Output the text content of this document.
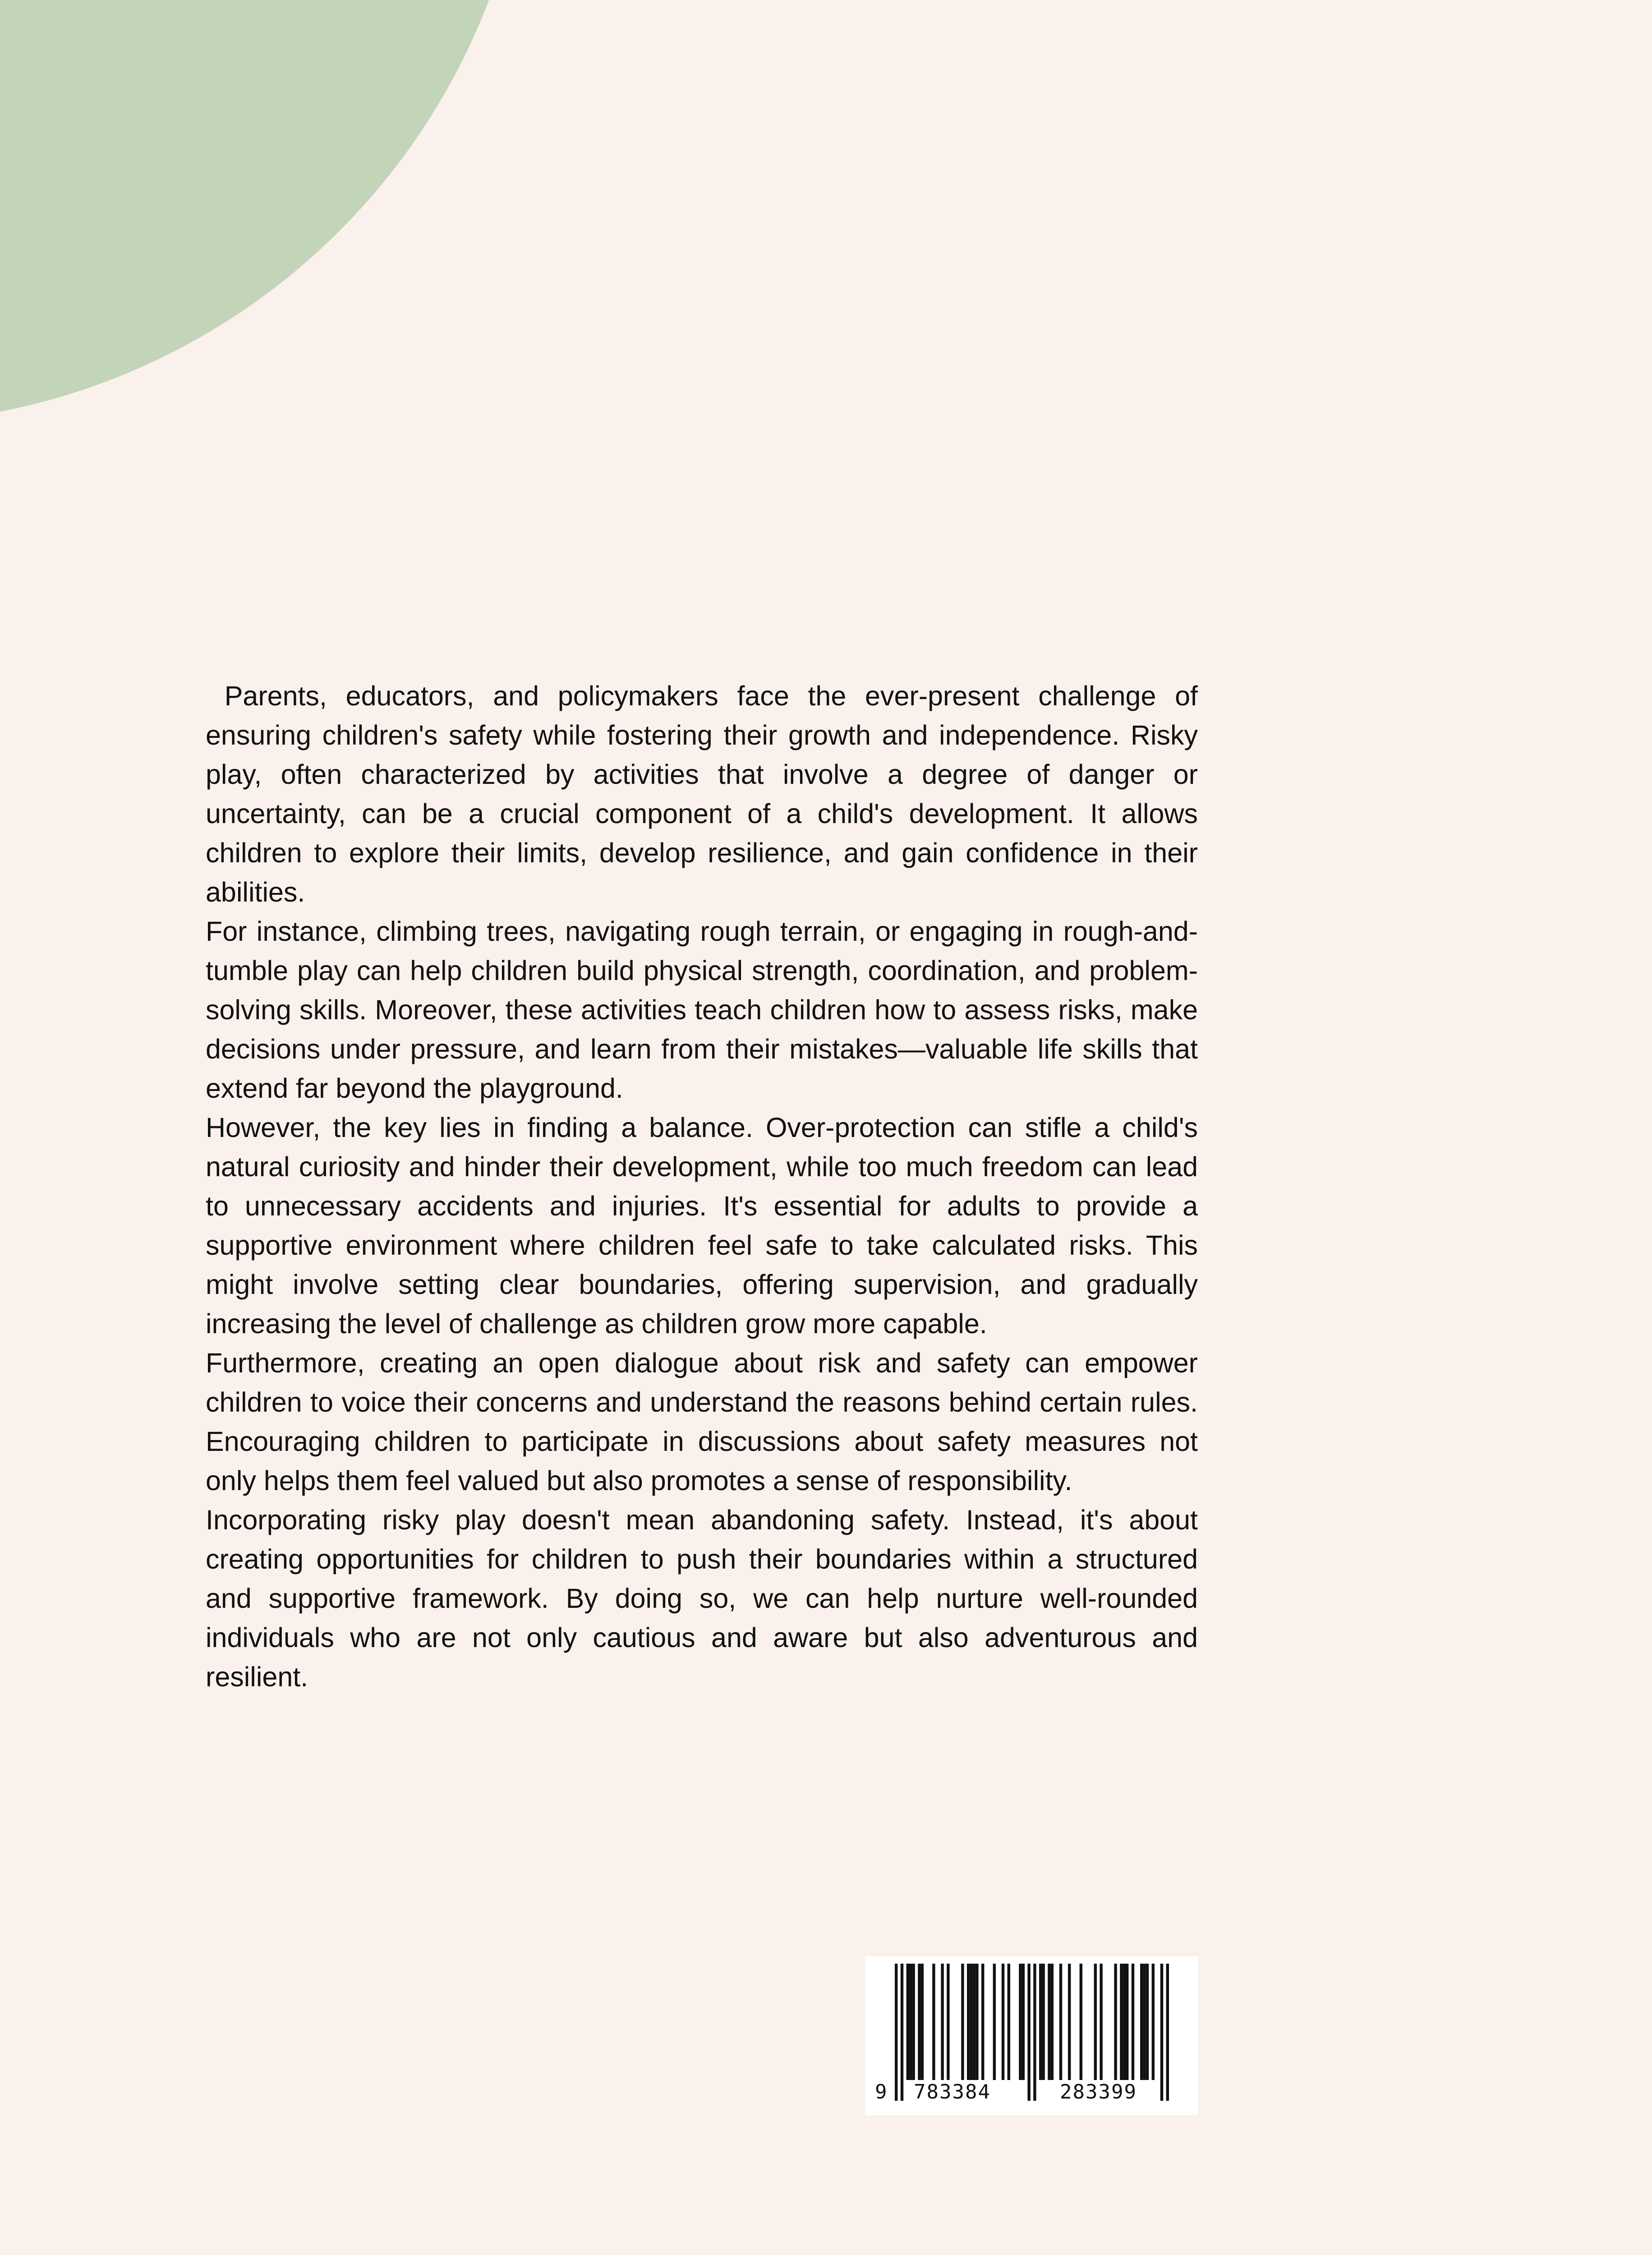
Parents, educators, and policymakers face the ever-present challenge of ensuring children's safety while fostering their growth and independence. Risky play, often characterized by activities that involve a degree of danger or uncertainty, can be a crucial component of a child's development. It allows children to explore their limits, develop resilience, and gain confidence in their abilities.

For instance, climbing trees, navigating rough terrain, or engaging in rough-and-tumble play can help children build physical strength, coordination, and problem-solving skills. Moreover, these activities teach children how to assess risks, make decisions under pressure, and learn from their mistakes—valuable life skills that extend far beyond the playground.

However, the key lies in finding a balance. Over-protection can stifle a child's natural curiosity and hinder their development, while too much freedom can lead to unnecessary accidents and injuries. It's essential for adults to provide a supportive environment where children feel safe to take calculated risks. This might involve setting clear boundaries, offering supervision, and gradually increasing the level of challenge as children grow more capable.

Furthermore, creating an open dialogue about risk and safety can empower children to voice their concerns and understand the reasons behind certain rules. Encouraging children to participate in discussions about safety measures not only helps them feel valued but also promotes a sense of responsibility.

Incorporating risky play doesn't mean abandoning safety. Instead, it's about creating opportunities for children to push their boundaries within a structured and supportive framework. By doing so, we can help nurture well-rounded individuals who are not only cautious and aware but also adventurous and resilient.

9 783384	283399
